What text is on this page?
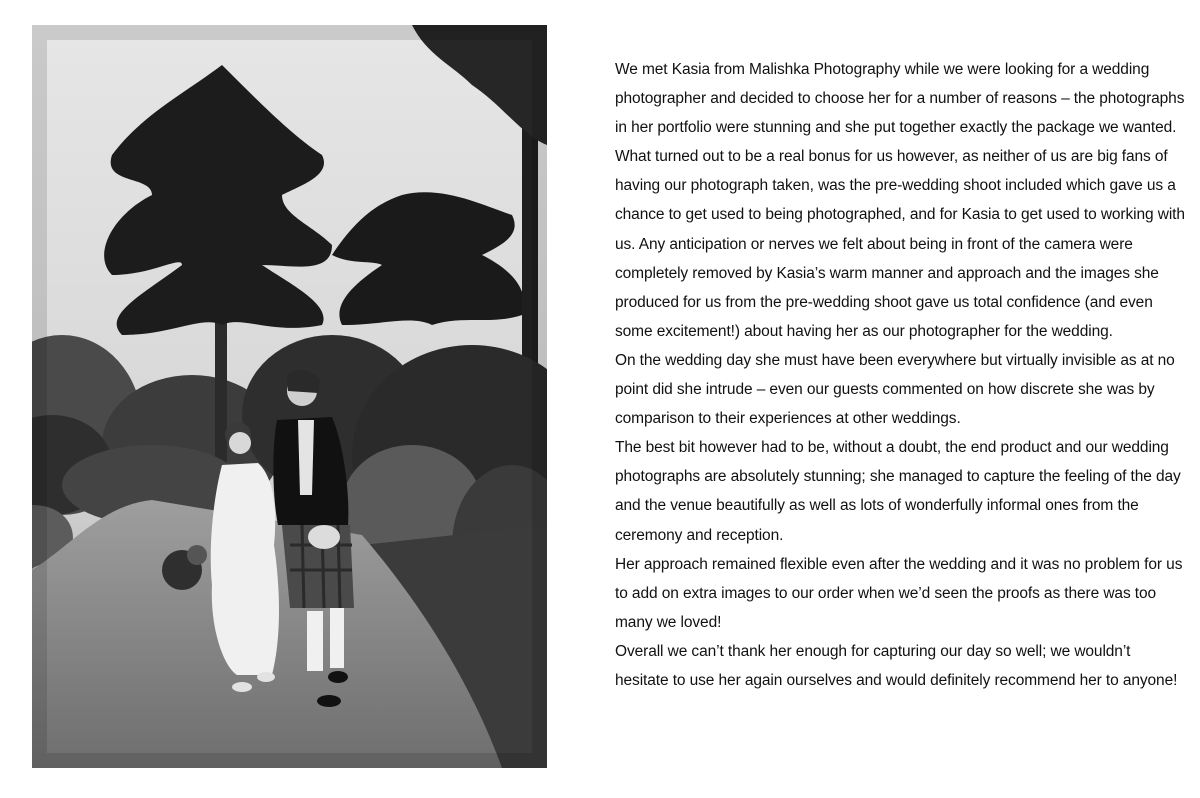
We met Kasia from Malishka Photography while we were looking for a wedding photographer and decided to choose her for a number of reasons – the photographs in her portfolio were stunning and she put together exactly the package we wanted.

What turned out to be a real bonus for us however, as neither of us are big fans of having our photograph taken, was the pre-wedding shoot included which gave us a chance to get used to being photographed, and for Kasia to get used to working with us. Any anticipation or nerves we felt about being in front of the camera were completely removed by Kasia’s warm manner and approach and the images she produced for us from the pre-wedding shoot gave us total confidence (and even some excitement!) about having her as our photographer for the wedding.

On the wedding day she must have been everywhere but virtually invisible as at no point did she intrude – even our guests commented on how discrete she was by comparison to their experiences at other weddings.

The best bit however had to be, without a doubt, the end product and our wedding photographs are absolutely stunning; she managed to capture the feeling of the day and the venue beautifully as well as lots of wonderfully informal ones from the ceremony and reception.

Her approach remained flexible even after the wedding and it was no problem for us to add on extra images to our order when we’d seen the proofs as there was too many we loved!

Overall we can’t thank her enough for capturing our day so well; we wouldn’t hesitate to use her again ourselves and would definitely recommend her to anyone!
